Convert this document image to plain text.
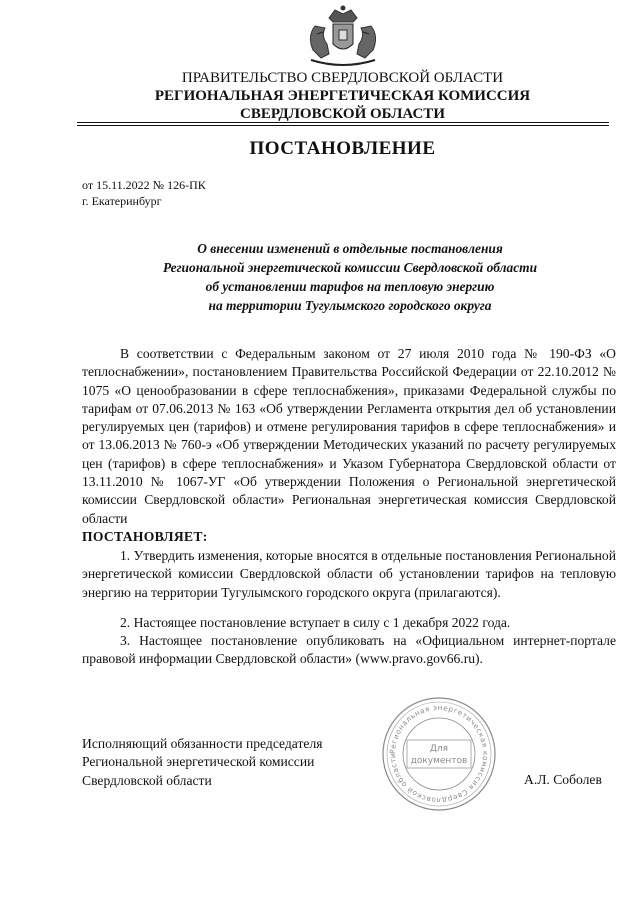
ПРАВИТЕЛЬСТВО СВЕРДЛОВСКОЙ ОБЛАСТИ
РЕГИОНАЛЬНАЯ ЭНЕРГЕТИЧЕСКАЯ КОМИССИЯ
СВЕРДЛОВСКОЙ ОБЛАСТИ
ПОСТАНОВЛЕНИЕ
от 15.11.2022 № 126-ПК
г. Екатеринбург
О внесении изменений в отдельные постановления
Региональной энергетической комиссии Свердловской области
об установлении тарифов на тепловую энергию
на территории Тугулымского городского округа
В соответствии с Федеральным законом от 27 июля 2010 года № 190-ФЗ «О теплоснабжении», постановлением Правительства Российской Федерации от 22.10.2012 № 1075 «О ценообразовании в сфере теплоснабжения», приказами Федеральной службы по тарифам от 07.06.2013 № 163 «Об утверждении Регламента открытия дел об установлении регулируемых цен (тарифов) и отмене регулирования тарифов в сфере теплоснабжения» и от 13.06.2013 № 760-э «Об утверждении Методических указаний по расчету регулируемых цен (тарифов) в сфере теплоснабжения» и Указом Губернатора Свердловской области от 13.11.2010 № 1067-УГ «Об утверждении Положения о Региональной энергетической комиссии Свердловской области» Региональная энергетическая комиссия Свердловской области
ПОСТАНОВЛЯЕТ:
1. Утвердить изменения, которые вносятся в отдельные постановления Региональной энергетической комиссии Свердловской области об установлении тарифов на тепловую энергию на территории Тугулымского городского округа (прилагаются).
2. Настоящее постановление вступает в силу с 1 декабря 2022 года.
3. Настоящее постановление опубликовать на «Официальном интернет-портале правовой информации Свердловской области» (www.pravo.gov66.ru).
Региональная энергетическая комиссия Свердловской области
Для
документов
Исполняющий обязанности председателя
Региональной энергетической комиссии
Свердловской области	А.Л. Соболев
